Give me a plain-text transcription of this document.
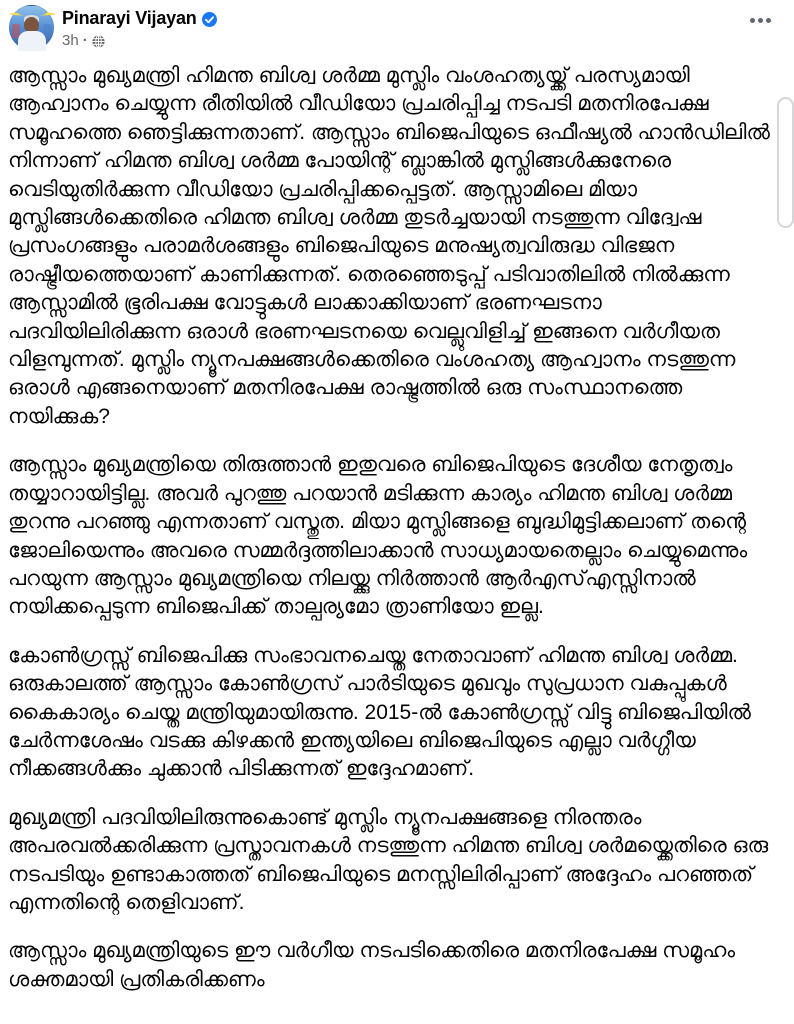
Pinarayi Vijayan
3h ·

ആസ്സാം മുഖ്യമന്ത്രി ഹിമന്ത ബിശ്വ ശർമ്മ മുസ്ലിം വംശഹത്യയ്ക്ക് പരസ്യമായി ആഹ്വാനം ചെയ്യുന്ന രീതിയിൽ വീഡിയോ പ്രചരിപ്പിച്ച നടപടി മതനിരപേക്ഷ സമൂഹത്തെ ഞെട്ടിക്കുന്നതാണ്. ആസ്സാം ബിജെപിയുടെ ഒഫീഷ്യൽ ഹാൻഡിലിൽ നിന്നാണ് ഹിമന്ത ബിശ്വ ശർമ്മ പോയിന്റ് ബ്ലാങ്കിൽ മുസ്ലിങ്ങൾക്കുനേരെ വെടിയുതിർക്കുന്ന വീഡിയോ പ്രചരിപ്പിക്കപ്പെട്ടത്. ആസ്സാമിലെ മിയാ മുസ്ലിങ്ങൾക്കെതിരെ ഹിമന്ത ബിശ്വ ശർമ്മ തുടർച്ചയായി നടത്തുന്ന വിദ്വേഷ പ്രസംഗങ്ങളും പരാമർശങ്ങളും ബിജെപിയുടെ മനുഷ്യത്വവിരുദ്ധ വിഭജന രാഷ്ട്രീയത്തെയാണ് കാണിക്കുന്നത്. തെരഞ്ഞെടുപ്പ് പടിവാതിലിൽ നിൽക്കുന്ന ആസ്സാമിൽ ഭൂരിപക്ഷ വോട്ടുകൾ ലാക്കാക്കിയാണ് ഭരണഘടനാ പദവിയിലിരിക്കുന്ന ഒരാൾ ഭരണഘടനയെ വെല്ലുവിളിച്ച് ഇങ്ങനെ വർഗീയത വിളമ്പുന്നത്. മുസ്ലിം ന്യൂനപക്ഷങ്ങൾക്കെതിരെ വംശഹത്യ ആഹ്വാനം നടത്തുന്ന ഒരാൾ എങ്ങനെയാണ് മതനിരപേക്ഷ രാഷ്ട്രത്തിൽ ഒരു സംസ്ഥാനത്തെ നയിക്കുക?

ആസ്സാം മുഖ്യമന്ത്രിയെ തിരുത്താൻ ഇതുവരെ ബിജെപിയുടെ ദേശീയ നേതൃത്വം തയ്യാറായിട്ടില്ല. അവർ പുറത്തു പറയാൻ മടിക്കുന്ന കാര്യം ഹിമന്ത ബിശ്വ ശർമ്മ തുറന്നു പറഞ്ഞു എന്നതാണ് വസ്തുത. മിയാ മുസ്ലിങ്ങളെ ബുദ്ധിമുട്ടിക്കലാണ് തന്റെ ജോലിയെന്നും അവരെ സമ്മർദ്ദത്തിലാക്കാൻ സാധ്യമായതെല്ലാം ചെയ്യുമെന്നും പറയുന്ന ആസ്സാം മുഖ്യമന്ത്രിയെ നിലയ്ക്കു നിർത്താൻ ആർഎസ്എസ്സിനാൽ നയിക്കപ്പെടുന്ന ബിജെപിക്ക് താല്പര്യമോ ത്രാണിയോ ഇല്ല.

കോൺഗ്രസ്സ് ബിജെപിക്കു സംഭാവനചെയ്ത നേതാവാണ് ഹിമന്ത ബിശ്വ ശർമ്മ. ഒരുകാലത്ത് ആസ്സാം കോൺഗ്രസ് പാർടിയുടെ മുഖവും സുപ്രധാന വകുപ്പുകൾ കൈകാര്യം ചെയ്ത മന്ത്രിയുമായിരുന്നു. 2015-ൽ കോൺഗ്രസ്സ് വിട്ടു ബിജെപിയിൽ ചേർന്നശേഷം വടക്കു കിഴക്കൻ ഇന്ത്യയിലെ ബിജെപിയുടെ എല്ലാ വർഗ്ഗീയ നീക്കങ്ങൾക്കും ചുക്കാൻ പിടിക്കുന്നത് ഇദ്ദേഹമാണ്.

മുഖ്യമന്ത്രി പദവിയിലിരുന്നുകൊണ്ട് മുസ്ലിം ന്യൂനപക്ഷങ്ങളെ നിരന്തരം അപരവൽക്കരിക്കുന്ന പ്രസ്താവനകൾ നടത്തുന്ന ഹിമന്ത ബിശ്വ ശർമയ്ക്കെതിരെ ഒരു നടപടിയും ഉണ്ടാകാത്തത് ബിജെപിയുടെ മനസ്സിലിരിപ്പാണ് അദ്ദേഹം പറഞ്ഞത് എന്നതിന്റെ തെളിവാണ്.

ആസ്സാം മുഖ്യമന്ത്രിയുടെ ഈ വർഗീയ നടപടിക്കെതിരെ മതനിരപേക്ഷ സമൂഹം ശക്തമായി പ്രതികരിക്കണം
